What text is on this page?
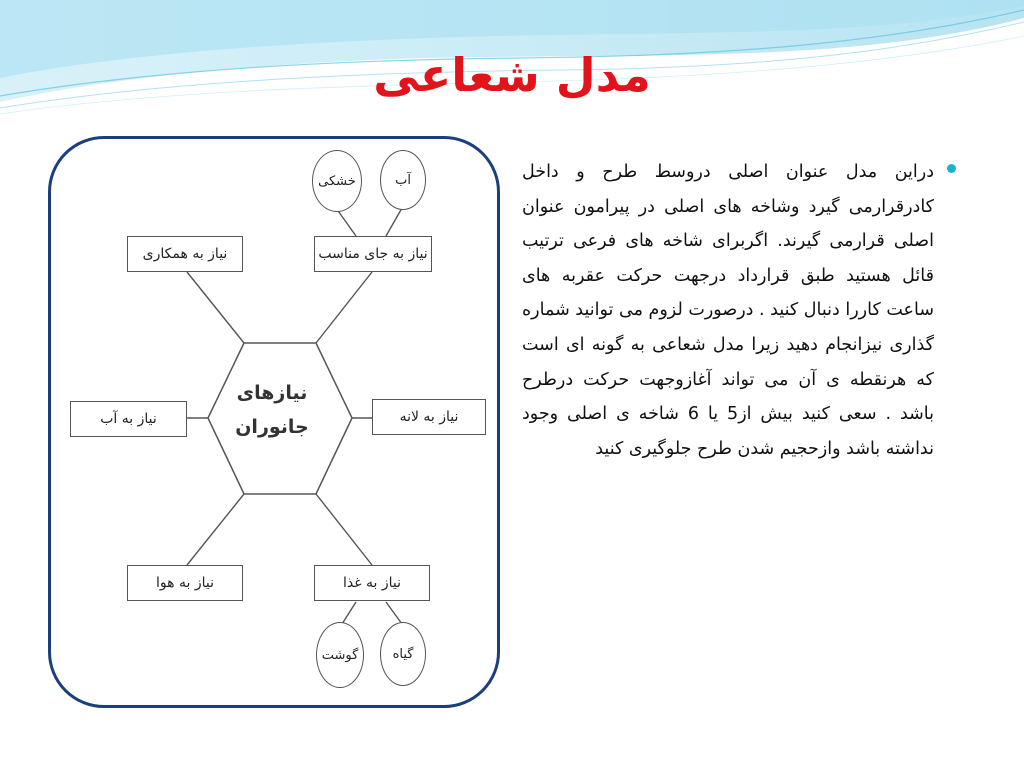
مدل شعاعی
نیازهای
جانوران
نیاز به همکاری	نیاز به جای مناسب
نیاز به آب	نیاز به لانه
نیاز به هوا	نیاز به غذا
خشکی	آب
گوشت	گیاه
دراین مدل عنوان اصلی دروسط طرح و داخل کادرقرارمی گیرد وشاخه های اصلی در پیرامون عنوان اصلی قرارمی گیرند. اگربرای شاخه های فرعی ترتیب قائل هستید طبق قرارداد درجهت حرکت عقربه های ساعت کاررا دنبال کنید . درصورت لزوم می توانید شماره گذاری نیزانجام دهید زیرا مدل شعاعی به گونه ای است که هرنقطه ی آن می تواند آغازوجهت حرکت درطرح باشد . سعی کنید بیش از5 یا 6 شاخه ی اصلی وجود نداشته باشد وازحجیم شدن طرح جلوگیری کنید
